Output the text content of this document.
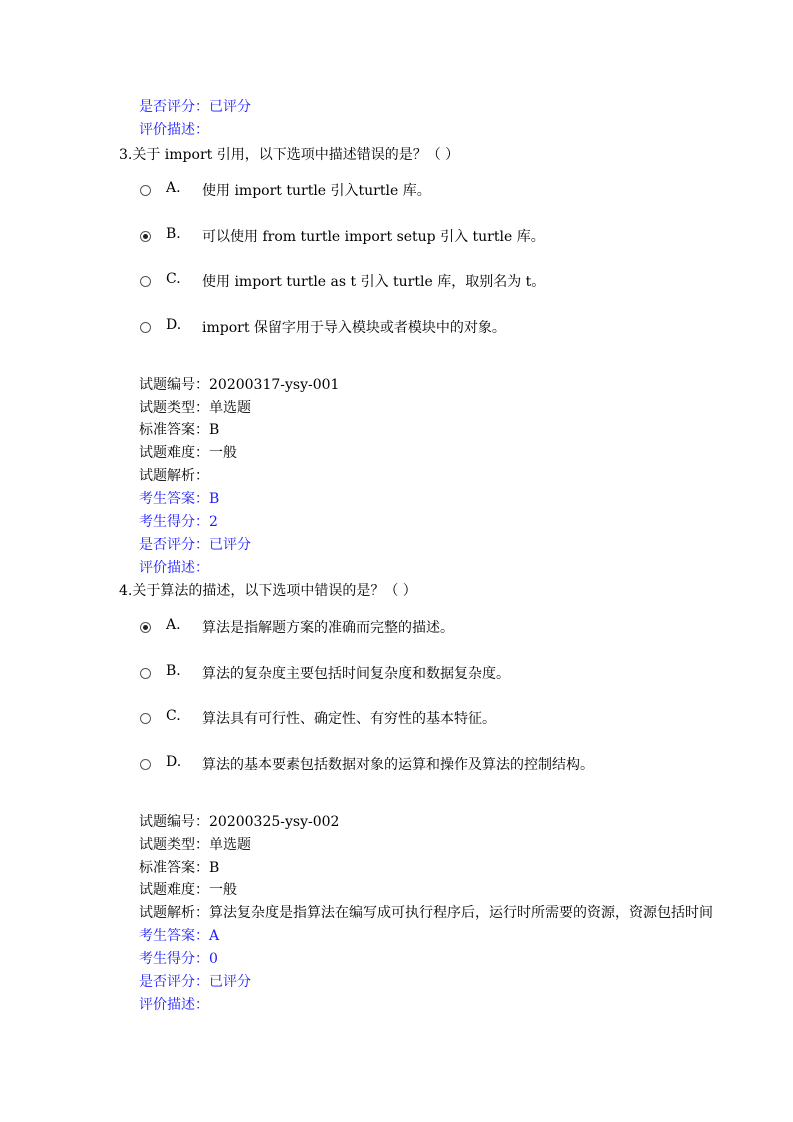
是否评分：已评分
评价描述：
3.关于 import 引用，以下选项中描述错误的是？（ ）

A.

使用 import turtle 引入turtle 库。

B.

可以使用 from turtle import setup 引入 turtle 库。

C.

使用 import turtle as t 引入 turtle 库，取别名为 t。

D.

import 保留字用于导入模块或者模块中的对象。

试题编号：20200317-ysy-001
试题类型：单选题
标准答案：B
试题难度：一般
试题解析：
考生答案：B
考生得分：2
是否评分：已评分
评价描述：
4.关于算法的描述，以下选项中错误的是？（ ）

A.

算法是指解题方案的准确而完整的描述。

B.

算法的复杂度主要包括时间复杂度和数据复杂度。

C.

算法具有可行性、确定性、有穷性的基本特征。

D.

算法的基本要素包括数据对象的运算和操作及算法的控制结构。

试题编号：20200325-ysy-002
试题类型：单选题
标准答案：B
试题难度：一般
试题解析：算法复杂度是指算法在编写成可执行程序后，运行时所需要的资源，资源包括时间
考生答案：A
考生得分：0
是否评分：已评分
评价描述：
